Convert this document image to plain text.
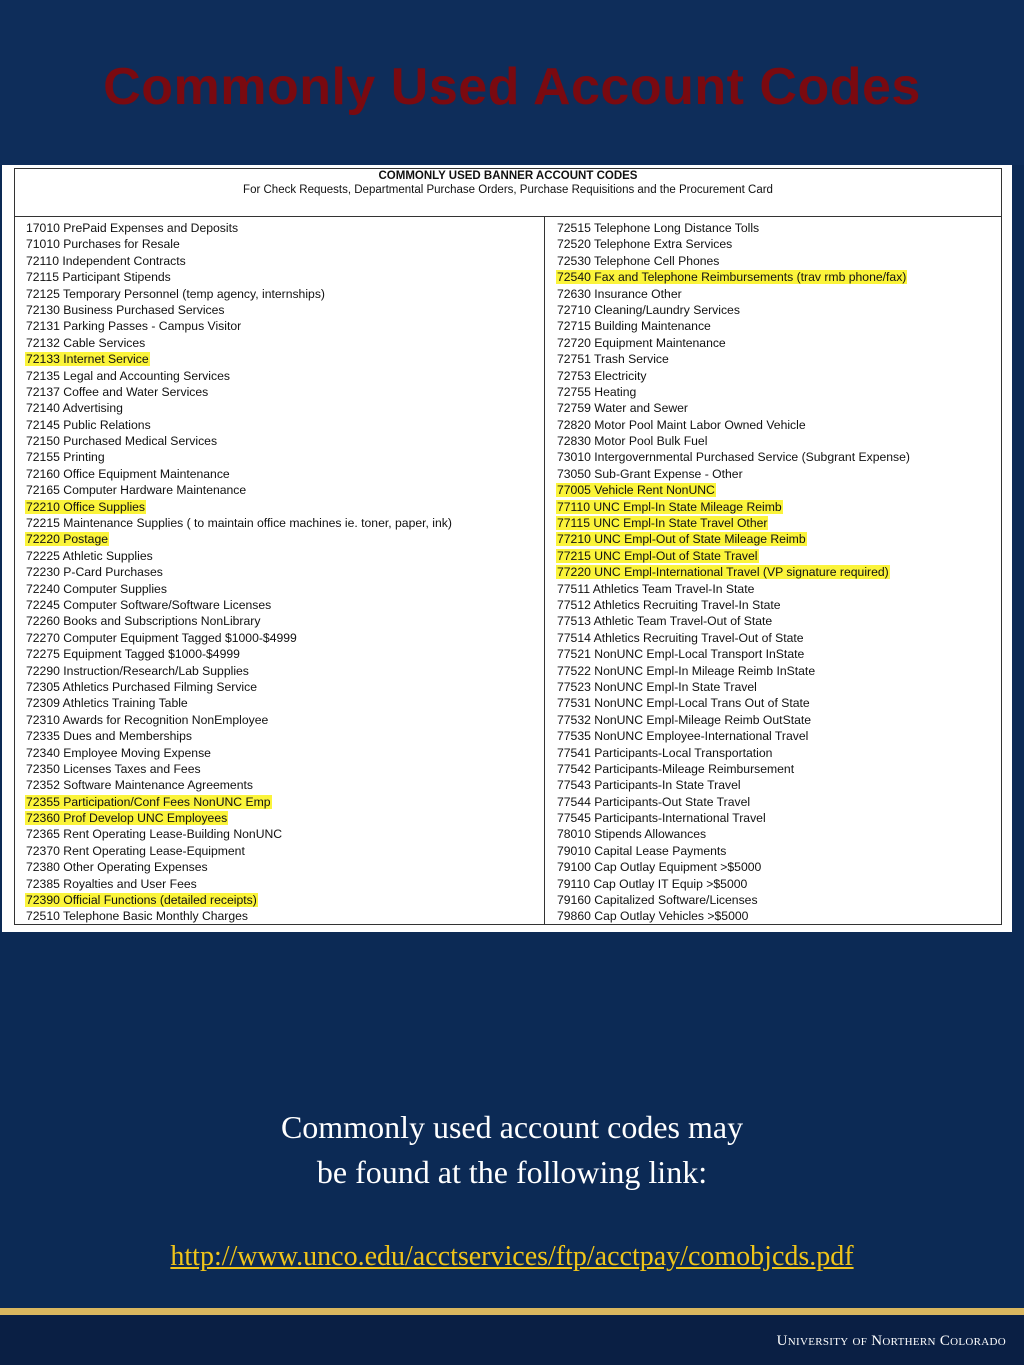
Commonly Used Account Codes
COMMONLY USED BANNER ACCOUNT CODES
For Check Requests, Departmental Purchase Orders, Purchase Requisitions and the Procurement Card
17010 PrePaid Expenses and Deposits
71010 Purchases for Resale
72110 Independent Contracts
72115 Participant Stipends
72125 Temporary Personnel (temp agency, internships)
72130 Business Purchased Services
72131 Parking Passes - Campus Visitor
72132 Cable Services
72133 Internet Service
72135 Legal and Accounting Services
72137 Coffee and Water Services
72140 Advertising
72145 Public Relations
72150 Purchased Medical Services
72155 Printing
72160 Office Equipment Maintenance
72165 Computer Hardware Maintenance
72210 Office Supplies
72215 Maintenance Supplies ( to maintain office machines ie. toner, paper, ink)
72220 Postage
72225 Athletic Supplies
72230 P-Card Purchases
72240 Computer Supplies
72245 Computer Software/Software Licenses
72260 Books and Subscriptions NonLibrary
72270 Computer Equipment Tagged $1000-$4999
72275 Equipment Tagged $1000-$4999
72290 Instruction/Research/Lab Supplies
72305 Athletics Purchased Filming Service
72309 Athletics Training Table
72310 Awards for Recognition NonEmployee
72335 Dues and Memberships
72340 Employee Moving Expense
72350 Licenses Taxes and Fees
72352 Software Maintenance Agreements
72355 Participation/Conf Fees NonUNC Emp
72360 Prof Develop UNC Employees
72365 Rent Operating Lease-Building NonUNC
72370 Rent Operating Lease-Equipment
72380 Other Operating Expenses
72385 Royalties and User Fees
72390 Official Functions (detailed receipts)
72510 Telephone Basic Monthly Charges
72515 Telephone Long Distance Tolls
72520 Telephone Extra Services
72530 Telephone Cell Phones
72540 Fax and Telephone Reimbursements (trav rmb phone/fax)
72630 Insurance Other
72710 Cleaning/Laundry Services
72715 Building Maintenance
72720 Equipment Maintenance
72751 Trash Service
72753 Electricity
72755 Heating
72759 Water and Sewer
72820 Motor Pool Maint Labor Owned Vehicle
72830 Motor Pool Bulk Fuel
73010 Intergovernmental Purchased Service (Subgrant Expense)
73050 Sub-Grant Expense - Other
77005 Vehicle Rent NonUNC
77110 UNC Empl-In State Mileage Reimb
77115 UNC Empl-In State Travel Other
77210 UNC Empl-Out of State Mileage Reimb
77215 UNC Empl-Out of State Travel
77220 UNC Empl-International Travel (VP signature required)
77511 Athletics Team Travel-In State
77512 Athletics Recruiting Travel-In State
77513 Athletic Team Travel-Out of State
77514 Athletics Recruiting Travel-Out of State
77521 NonUNC Empl-Local Transport InState
77522 NonUNC Empl-In Mileage Reimb InState
77523 NonUNC Empl-In State Travel
77531 NonUNC Empl-Local Trans Out of State
77532 NonUNC Empl-Mileage Reimb OutState
77535 NonUNC Employee-International Travel
77541 Participants-Local Transportation
77542 Participants-Mileage Reimbursement
77543 Participants-In State Travel
77544 Participants-Out State Travel
77545 Participants-International Travel
78010 Stipends Allowances
79010 Capital Lease Payments
79100 Cap Outlay Equipment >$5000
79110 Cap Outlay IT Equip >$5000
79160 Capitalized Software/Licenses
79860 Cap Outlay Vehicles >$5000
Commonly used account codes may
be found at the following link:
http://www.unco.edu/acctservices/ftp/acctpay/comobjcds.pdf
University of Northern Colorado
